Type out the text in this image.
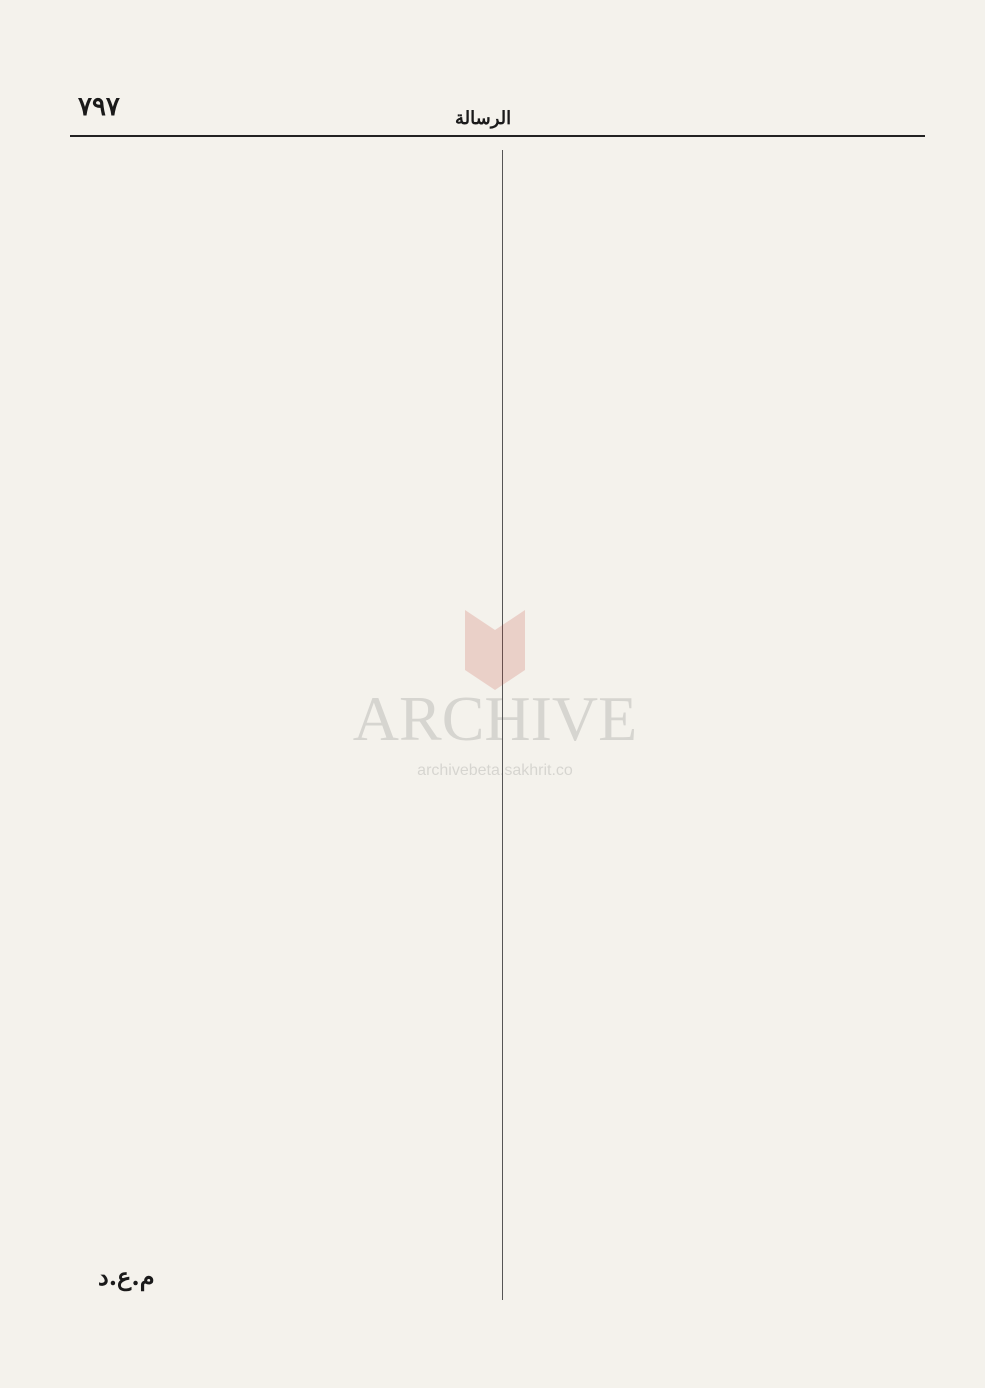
٧٩٧	الرسالة
م.ع.د
ARCHIVE
archivebeta.sakhrit.co
